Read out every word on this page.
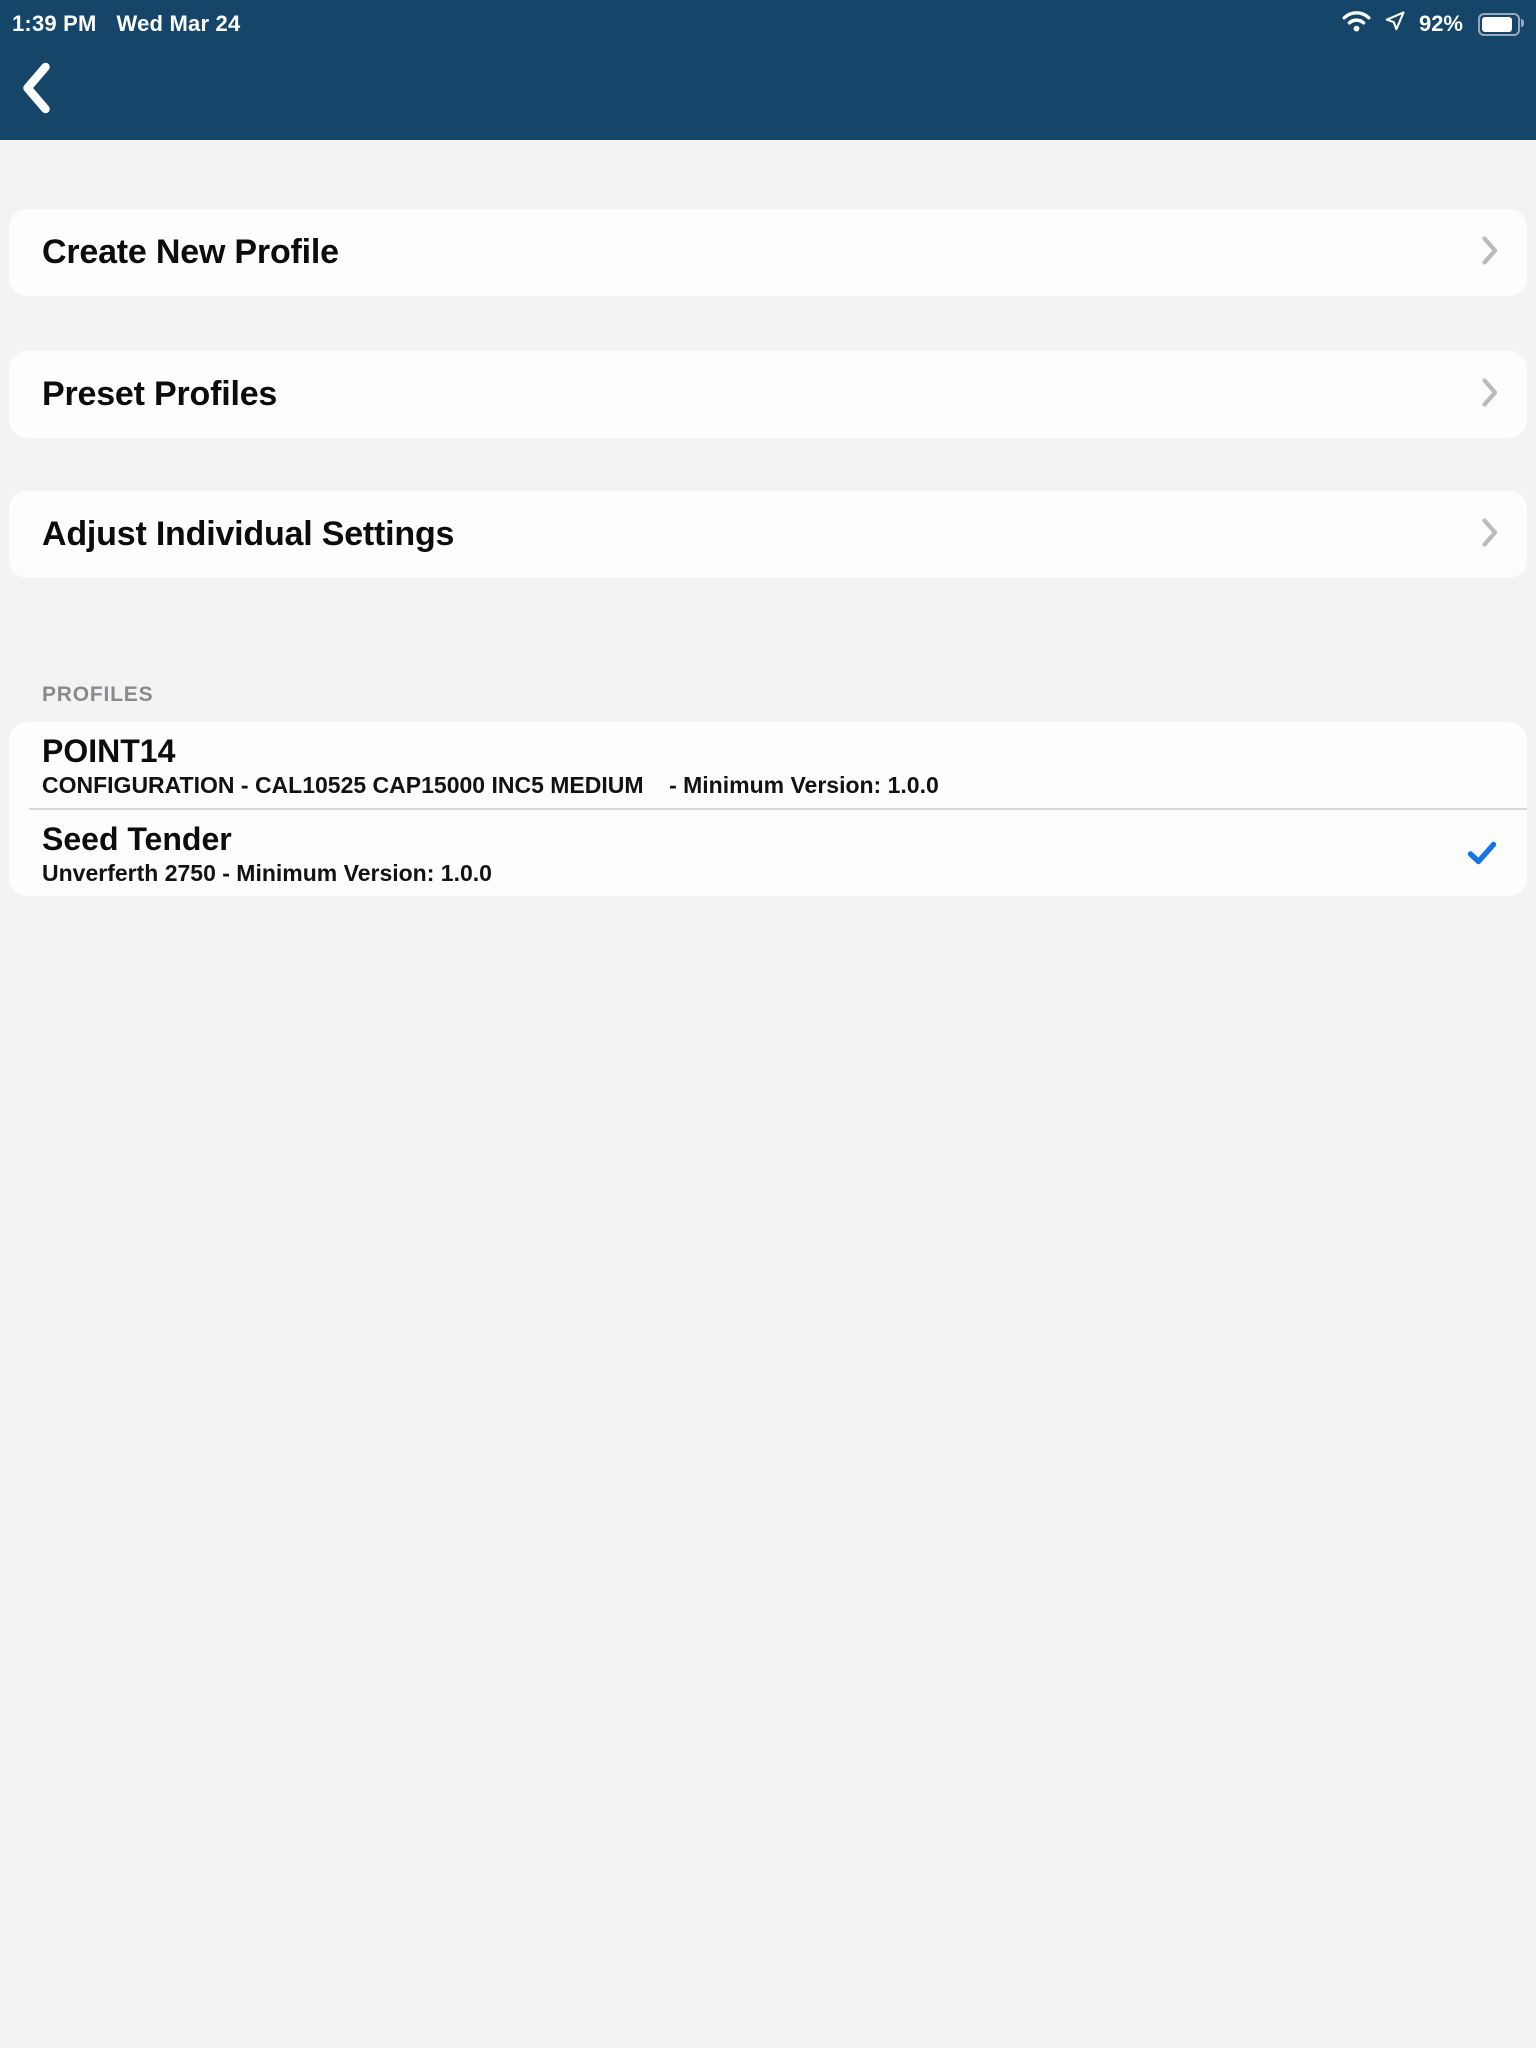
1:39 PM Wed Mar 24	92%
Create New Profile
Preset Profiles
Adjust Individual Settings
PROFILES
POINT14
CONFIGURATION - CAL10525 CAP15000 INC5 MEDIUM    - Minimum Version: 1.0.0
Seed Tender
Unverferth 2750 - Minimum Version: 1.0.0
